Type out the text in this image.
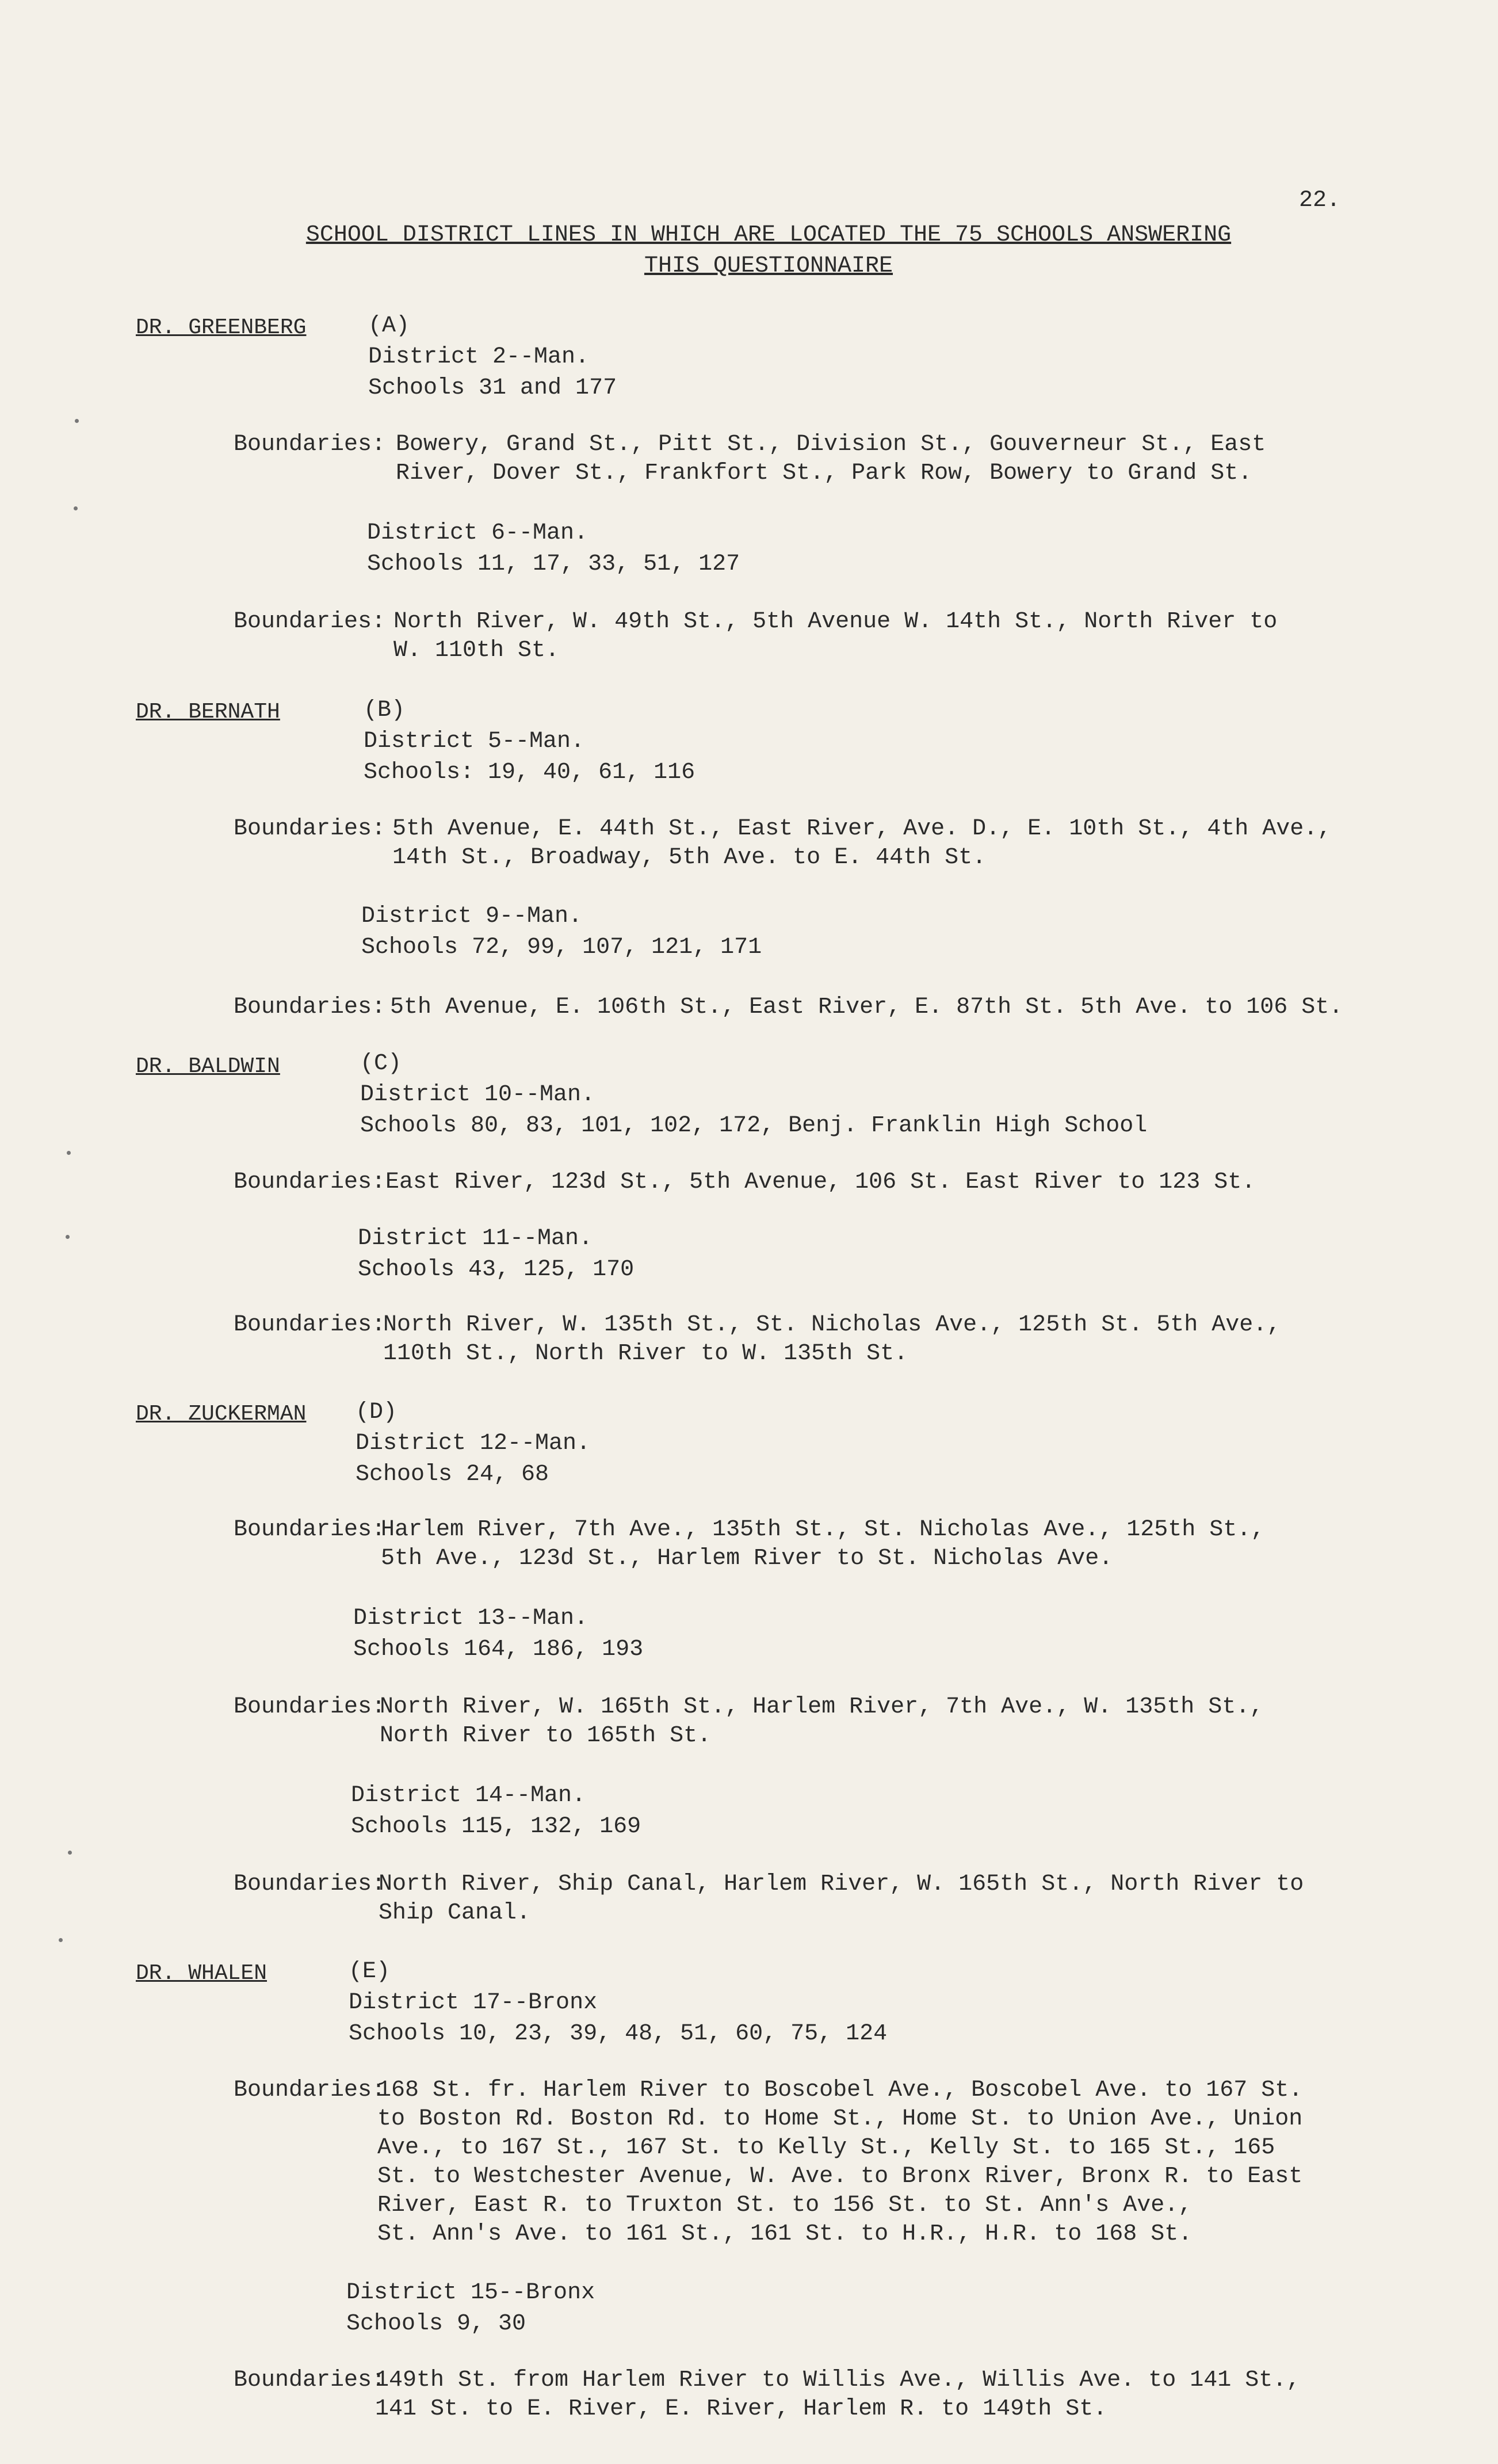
22.
SCHOOL DISTRICT LINES IN WHICH ARE LOCATED THE 75 SCHOOLS ANSWERING
THIS QUESTIONNAIRE
DR. GREENBERG	(A)
District 2--Man.
Schools 31 and 177
Boundaries: Bowery, Grand St., Pitt St., Division St., Gouverneur St., East
River, Dover St., Frankfort St., Park Row, Bowery to Grand St.
District 6--Man.
Schools 11, 17, 33, 51, 127
Boundaries: North River, W. 49th St., 5th Avenue W. 14th St., North River to
W. 110th St.
DR. BERNATH	(B)
District 5--Man.
Schools: 19, 40, 61, 116
Boundaries: 5th Avenue, E. 44th St., East River, Ave. D., E. 10th St., 4th Ave.,
14th St., Broadway, 5th Ave. to E. 44th St.
District 9--Man.
Schools 72, 99, 107, 121, 171
Boundaries: 5th Avenue, E. 106th St., East River, E. 87th St. 5th Ave. to 106 St.
DR. BALDWIN	(C)
District 10--Man.
Schools 80, 83, 101, 102, 172, Benj. Franklin High School
Boundaries: East River, 123d St., 5th Avenue, 106 St. East River to 123 St.
District 11--Man.
Schools 43, 125, 170
Boundaries:
North River, W. 135th St., St. Nicholas Ave., 125th St. 5th Ave.,
110th St., North River to W. 135th St.
DR. ZUCKERMAN	(D)
District 12--Man.
Schools 24, 68
Boundaries:
Harlem River, 7th Ave., 135th St., St. Nicholas Ave., 125th St.,
5th Ave., 123d St., Harlem River to St. Nicholas Ave.
District 13--Man.
Schools 164, 186, 193
Boundaries:
North River, W. 165th St., Harlem River, 7th Ave., W. 135th St.,
North River to 165th St.
District 14--Man.
Schools 115, 132, 169
Boundaries:
North River, Ship Canal, Harlem River, W. 165th St., North River to
Ship Canal.
DR. WHALEN	(E)
District 17--Bronx
Schools 10, 23, 39, 48, 51, 60, 75, 124
Boundaries:
168 St. fr. Harlem River to Boscobel Ave., Boscobel Ave. to 167 St.
to Boston Rd. Boston Rd. to Home St., Home St. to Union Ave., Union
Ave., to 167 St., 167 St. to Kelly St., Kelly St. to 165 St., 165
St. to Westchester Avenue, W. Ave. to Bronx River, Bronx R. to East
River, East R. to Truxton St. to 156 St. to St. Ann's Ave.,
St. Ann's Ave. to 161 St., 161 St. to H.R., H.R. to 168 St.
District 15--Bronx
Schools 9, 30
Boundaries:
149th St. from Harlem River to Willis Ave., Willis Ave. to 141 St.,
141 St. to E. River, E. River, Harlem R. to 149th St.
